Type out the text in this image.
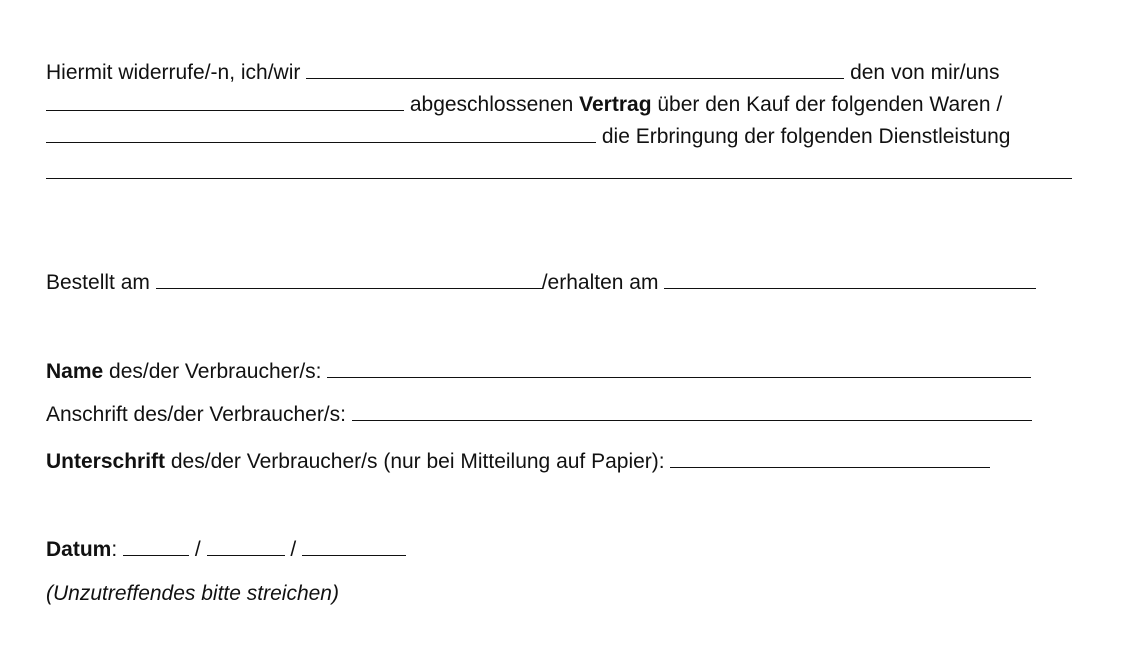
Hiermit widerrufe/-n, ich/wir	den von mir/uns
abgeschlossenen Vertrag über den Kauf der folgenden Waren /
die Erbringung der folgenden Dienstleistung
Bestellt am	/erhalten am
Name des/der Verbraucher/s:
Anschrift des/der Verbraucher/s:
Unterschrift des/der Verbraucher/s (nur bei Mitteilung auf Papier):
Datum:	/	/
(Unzutreffendes bitte streichen)
